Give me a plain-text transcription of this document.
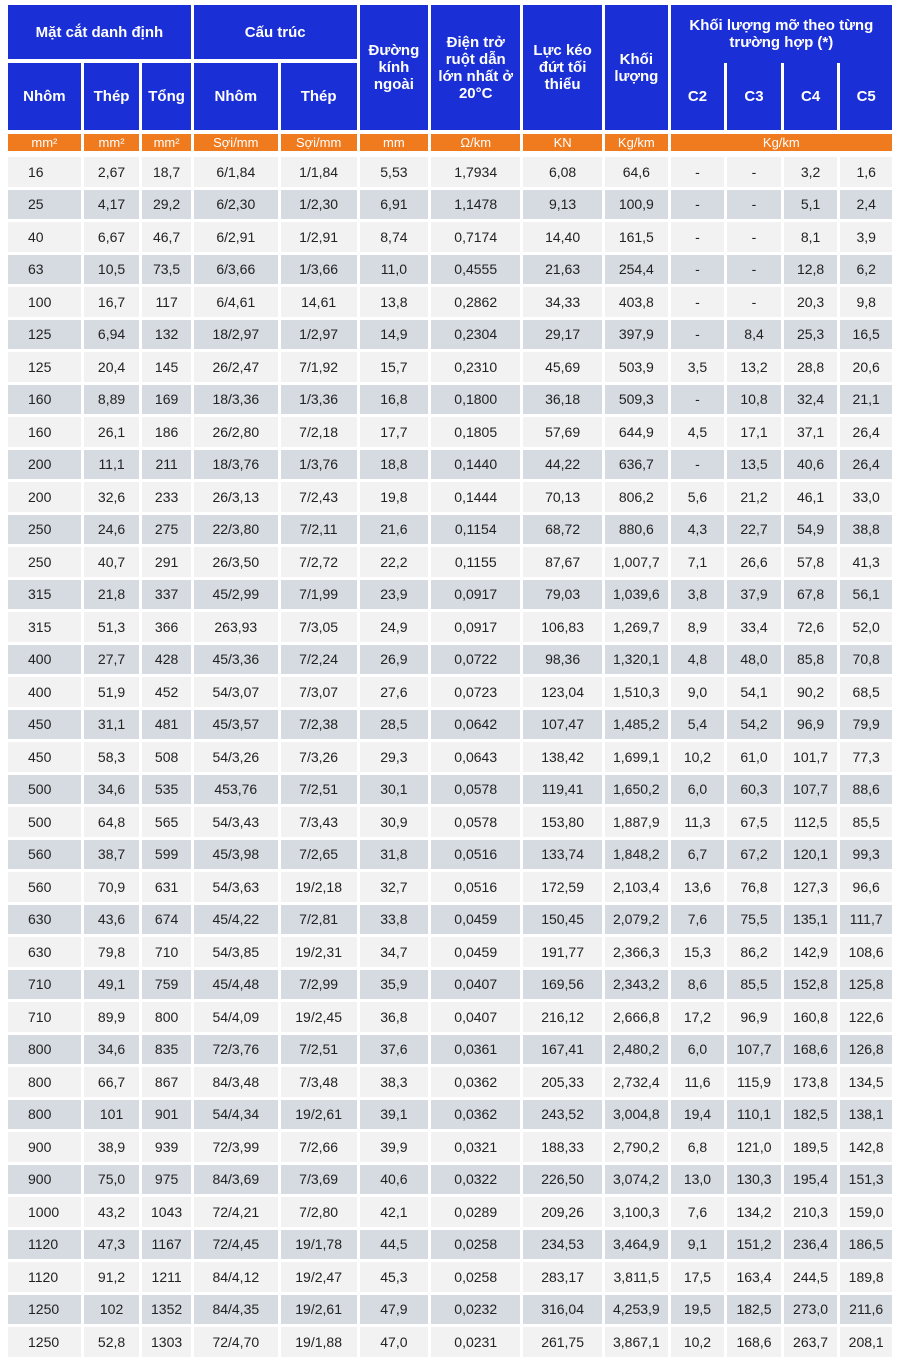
Mặt cắt danh định			Cấu trúc		Đường kính ngoài	Điện trở ruột dẫn lớn nhất ở 20°C	Lực kéo đứt tối thiểu	Khối lượng	Khối lượng mỡ theo từng trường hợp (*)			

Nhôm	Thép	Tổng	Nhôm	Thép								
									C2	C3	C4	C5

mm²	mm²	mm²	Sợi/mm	Sợi/mm	mm	Ω/km	KN	Kg/km	Kg/km			

16	2,67	18,7	6/1,84	1/1,84	5,53	1,7934	6,08	64,6	-	-	3,2	1,6
25	4,17	29,2	6/2,30	1/2,30	6,91	1,1478	9,13	100,9	-	-	5,1	2,4
40	6,67	46,7	6/2,91	1/2,91	8,74	0,7174	14,40	161,5	-	-	8,1	3,9
63	10,5	73,5	6/3,66	1/3,66	11,0	0,4555	21,63	254,4	-	-	12,8	6,2
100	16,7	117	6/4,61	14,61	13,8	0,2862	34,33	403,8	-	-	20,3	9,8
125	6,94	132	18/2,97	1/2,97	14,9	0,2304	29,17	397,9	-	8,4	25,3	16,5
125	20,4	145	26/2,47	7/1,92	15,7	0,2310	45,69	503,9	3,5	13,2	28,8	20,6
160	8,89	169	18/3,36	1/3,36	16,8	0,1800	36,18	509,3	-	10,8	32,4	21,1
160	26,1	186	26/2,80	7/2,18	17,7	0,1805	57,69	644,9	4,5	17,1	37,1	26,4
200	11,1	211	18/3,76	1/3,76	18,8	0,1440	44,22	636,7	-	13,5	40,6	26,4
200	32,6	233	26/3,13	7/2,43	19,8	0,1444	70,13	806,2	5,6	21,2	46,1	33,0
250	24,6	275	22/3,80	7/2,11	21,6	0,1154	68,72	880,6	4,3	22,7	54,9	38,8
250	40,7	291	26/3,50	7/2,72	22,2	0,1155	87,67	1,007,7	7,1	26,6	57,8	41,3
315	21,8	337	45/2,99	7/1,99	23,9	0,0917	79,03	1,039,6	3,8	37,9	67,8	56,1
315	51,3	366	263,93	7/3,05	24,9	0,0917	106,83	1,269,7	8,9	33,4	72,6	52,0
400	27,7	428	45/3,36	7/2,24	26,9	0,0722	98,36	1,320,1	4,8	48,0	85,8	70,8
400	51,9	452	54/3,07	7/3,07	27,6	0,0723	123,04	1,510,3	9,0	54,1	90,2	68,5
450	31,1	481	45/3,57	7/2,38	28,5	0,0642	107,47	1,485,2	5,4	54,2	96,9	79,9
450	58,3	508	54/3,26	7/3,26	29,3	0,0643	138,42	1,699,1	10,2	61,0	101,7	77,3
500	34,6	535	453,76	7/2,51	30,1	0,0578	119,41	1,650,2	6,0	60,3	107,7	88,6
500	64,8	565	54/3,43	7/3,43	30,9	0,0578	153,80	1,887,9	11,3	67,5	112,5	85,5
560	38,7	599	45/3,98	7/2,65	31,8	0,0516	133,74	1,848,2	6,7	67,2	120,1	99,3
560	70,9	631	54/3,63	19/2,18	32,7	0,0516	172,59	2,103,4	13,6	76,8	127,3	96,6
630	43,6	674	45/4,22	7/2,81	33,8	0,0459	150,45	2,079,2	7,6	75,5	135,1	111,7
630	79,8	710	54/3,85	19/2,31	34,7	0,0459	191,77	2,366,3	15,3	86,2	142,9	108,6
710	49,1	759	45/4,48	7/2,99	35,9	0,0407	169,56	2,343,2	8,6	85,5	152,8	125,8
710	89,9	800	54/4,09	19/2,45	36,8	0,0407	216,12	2,666,8	17,2	96,9	160,8	122,6
800	34,6	835	72/3,76	7/2,51	37,6	0,0361	167,41	2,480,2	6,0	107,7	168,6	126,8
800	66,7	867	84/3,48	7/3,48	38,3	0,0362	205,33	2,732,4	11,6	115,9	173,8	134,5
800	101	901	54/4,34	19/2,61	39,1	0,0362	243,52	3,004,8	19,4	110,1	182,5	138,1
900	38,9	939	72/3,99	7/2,66	39,9	0,0321	188,33	2,790,2	6,8	121,0	189,5	142,8
900	75,0	975	84/3,69	7/3,69	40,6	0,0322	226,50	3,074,2	13,0	130,3	195,4	151,3
1000	43,2	1043	72/4,21	7/2,80	42,1	0,0289	209,26	3,100,3	7,6	134,2	210,3	159,0
1120	47,3	1167	72/4,45	19/1,78	44,5	0,0258	234,53	3,464,9	9,1	151,2	236,4	186,5
1120	91,2	1211	84/4,12	19/2,47	45,3	0,0258	283,17	3,811,5	17,5	163,4	244,5	189,8
1250	102	1352	84/4,35	19/2,61	47,9	0,0232	316,04	4,253,9	19,5	182,5	273,0	211,6
1250	52,8	1303	72/4,70	19/1,88	47,0	0,0231	261,75	3,867,1	10,2	168,6	263,7	208,1
